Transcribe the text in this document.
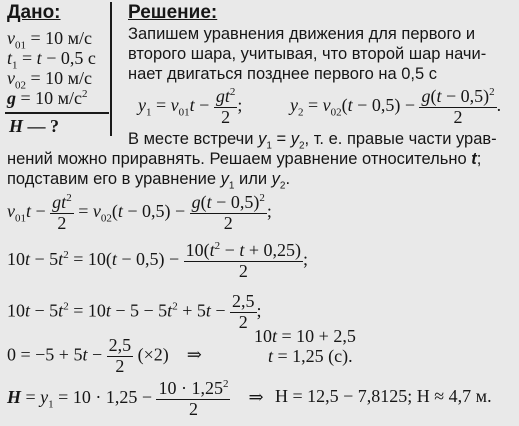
Дано:
$v_{01} = 10$ м/с
$t_1 = t - 0,5$ с
$v_{02} = 10$ м/с
g = 10 $м/с^2$
H — ?
Решение:
Запишем уравнения движения для первого и
второго шара, учитывая, что второй шар начи-
нает двигаться позднее первого на 0,5 с
$y_1 = v_{01}t - \frac{gt^2}{2}$ ;	$y_2 = v_{02}(t - 0,5) - \frac{g(t - 0,5)^2}{2}$ .
В месте встречи $y_1 = y_2$, т. е. правые части урав-
нений можно приравнять. Решаем уравнение относительно t;
подставим его в уравнение $y_1$ или $y_2$.
$v_{01}t - \frac{gt^2}{2} = v_{02}(t - 0,5) - \frac{g(t - 0,5)^2}{2}$ ;
$10t - 5t^2 = 10(t - 0,5) - \frac{10(t^2 - t + 0,25)}{2}$ ;
$10t - 5t^2 = 10t - 5 - 5t^2 + 5t - \frac{2,5}{2}$ ;
$0 = -5 + 5t - \frac{2,5}{2} (\times 2)$    ⇒
10t = 10 + 2,5
t = 1,25 (с).
$H = y_1 = 10 \cdot 1,25 - \frac{10 \cdot 1,25^2}{2}$ ⇒ H = 12,5 − 7,8125; H ≈ 4,7 м.
